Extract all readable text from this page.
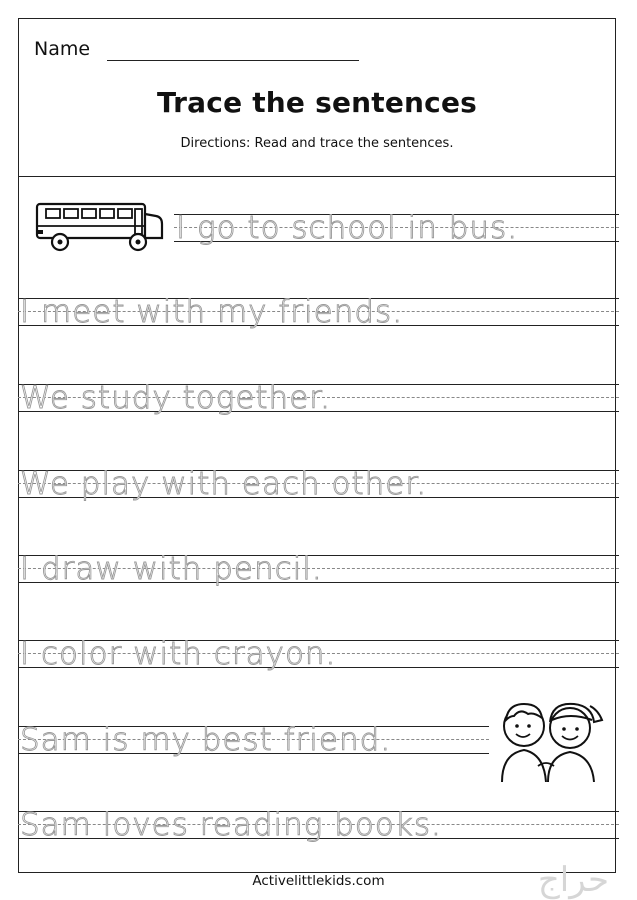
Name
Trace the sentences
Directions: Read and trace the sentences.
I go to school in bus.
I meet with my friends.
We study together.
We play with each other.
I draw with pencil.
I color with crayon.
Sam is my best friend.
Sam loves reading books.
Activelittlekids.com	حراج
